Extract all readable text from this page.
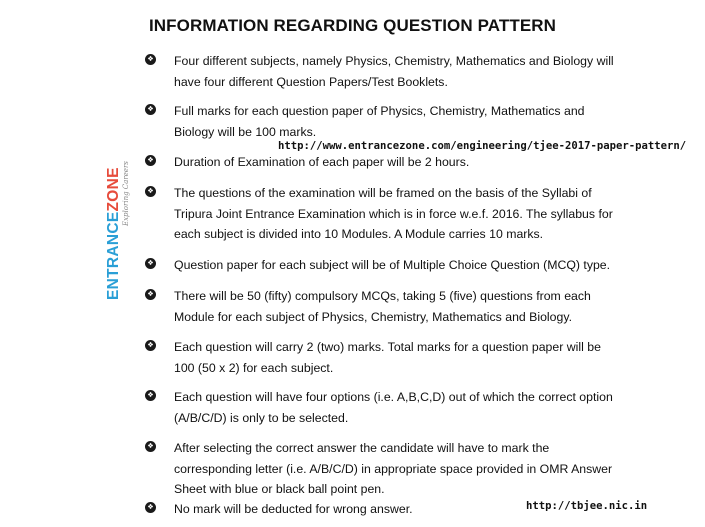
INFORMATION REGARDING QUESTION PATTERN
ENTRANCEZONE Exploring Careers
❖ Four different subjects, namely Physics, Chemistry, Mathematics and Biology will have four different Question Papers/Test Booklets.
❖ Full marks for each question paper of Physics, Chemistry, Mathematics and Biology will be 100 marks.
❖ Duration of Examination of each paper will be 2 hours.
❖ The questions of the examination will be framed on the basis of the Syllabi of Tripura Joint Entrance Examination which is in force w.e.f. 2016. The syllabus for each subject is divided into 10 Modules. A Module carries 10 marks.
❖ Question paper for each subject will be of Multiple Choice Question (MCQ) type.
❖ There will be 50 (fifty) compulsory MCQs, taking 5 (five) questions from each Module for each subject of Physics, Chemistry, Mathematics and Biology.
❖ Each question will carry 2 (two) marks. Total marks for a question paper will be 100 (50 x 2) for each subject.
❖ Each question will have four options (i.e. A,B,C,D) out of which the correct option (A/B/C/D) is only to be selected.
❖ After selecting the correct answer the candidate will have to mark the corresponding letter (i.e. A/B/C/D) in appropriate space provided in OMR Answer Sheet with blue or black ball point pen.
❖ No mark will be deducted for wrong answer.
http://www.entrancezone.com/engineering/tjee-2017-paper-pattern/
http://tbjee.nic.in
